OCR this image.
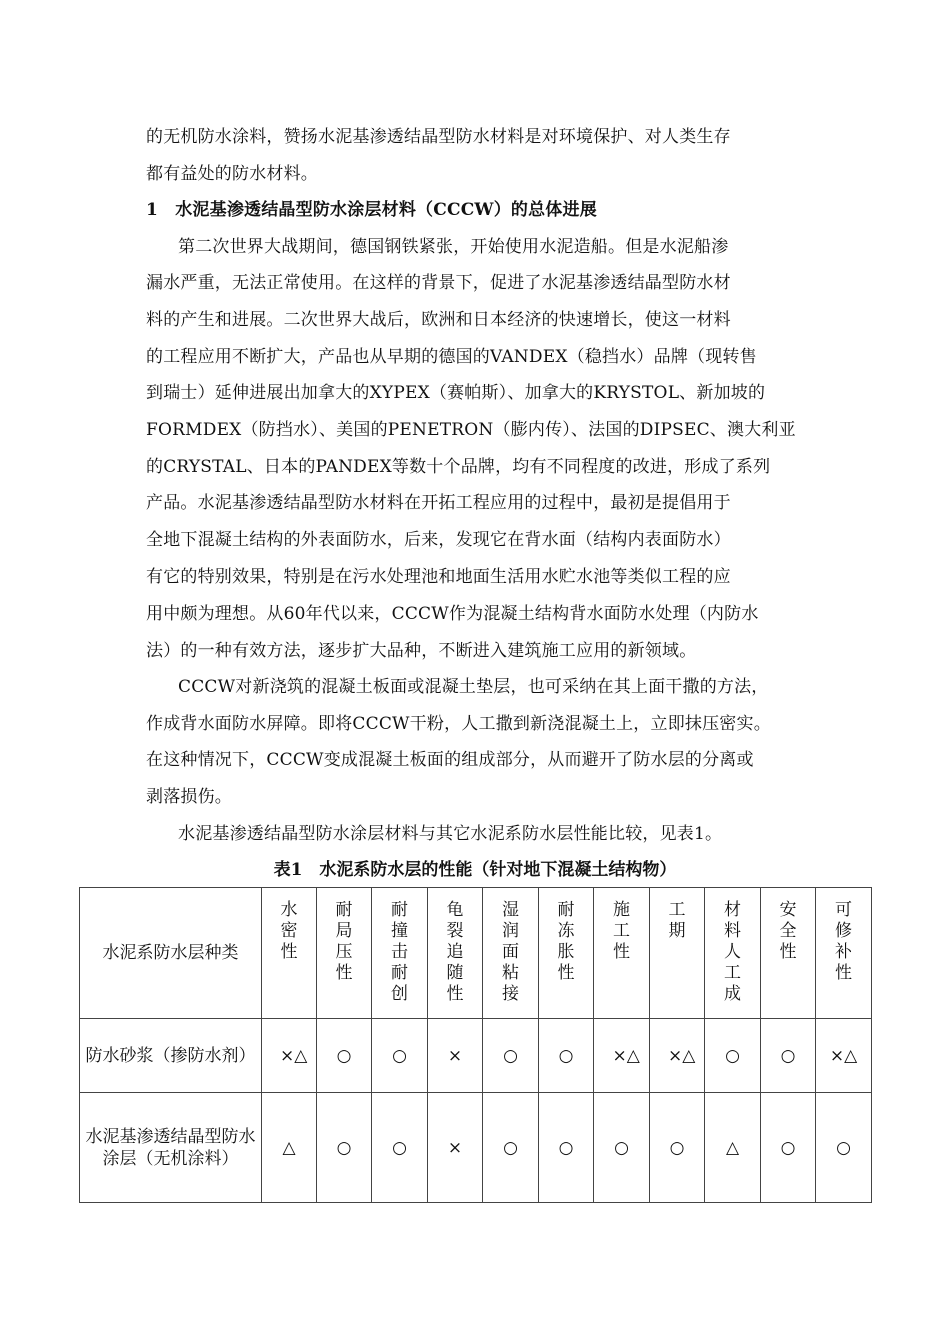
的无机防水涂料，赞扬水泥基渗透结晶型防水材料是对环境保护、对人类生存
都有益处的防水材料。
1　水泥基渗透结晶型防水涂层材料（CCCW）的总体进展
第二次世界大战期间，德国钢铁紧张，开始使用水泥造船。但是水泥船渗
漏水严重，无法正常使用。在这样的背景下，促进了水泥基渗透结晶型防水材
料的产生和进展。二次世界大战后，欧洲和日本经济的快速增长，使这一材料
的工程应用不断扩大，产品也从早期的德国的VANDEX（稳挡水）品牌（现转售
到瑞士）延伸进展出加拿大的XYPEX（赛帕斯）、加拿大的KRYSTOL、新加坡的
FORMDEX（防挡水）、美国的PENETRON（膨内传）、法国的DIPSEC、澳大利亚
的CRYSTAL、日本的PANDEX等数十个品牌，均有不同程度的改进，形成了系列
产品。水泥基渗透结晶型防水材料在开拓工程应用的过程中，最初是提倡用于
全地下混凝土结构的外表面防水，后来，发现它在背水面（结构内表面防水）
有它的特别效果，特别是在污水处理池和地面生活用水贮水池等类似工程的应
用中颇为理想。从60年代以来，CCCW作为混凝土结构背水面防水处理（内防水
法）的一种有效方法，逐步扩大品种，不断进入建筑施工应用的新领域。
CCCW对新浇筑的混凝土板面或混凝土垫层，也可采纳在其上面干撒的方法，
作成背水面防水屏障。即将CCCW干粉，人工撒到新浇混凝土上，立即抹压密实。
在这种情况下，CCCW变成混凝土板面的组成部分，从而避开了防水层的分离或
剥落损伤。
水泥基渗透结晶型防水涂层材料与其它水泥系防水层性能比较，见表1。
表1　水泥系防水层的性能（针对地下混凝土结构物）
水泥系防水层种类	水密性	耐局压性	耐撞击耐创	龟裂追随性	湿润面粘接	耐冻胀性	施工性	工期	材料人工成	安全性	可修补性
防水砂浆（掺防水剂）	×△	○	○	×	○	○	×△	×△	○	○	×△
水泥基渗透结晶型防水涂层（无机涂料）	△	○	○	×	○	○	○	○	△	○	○
